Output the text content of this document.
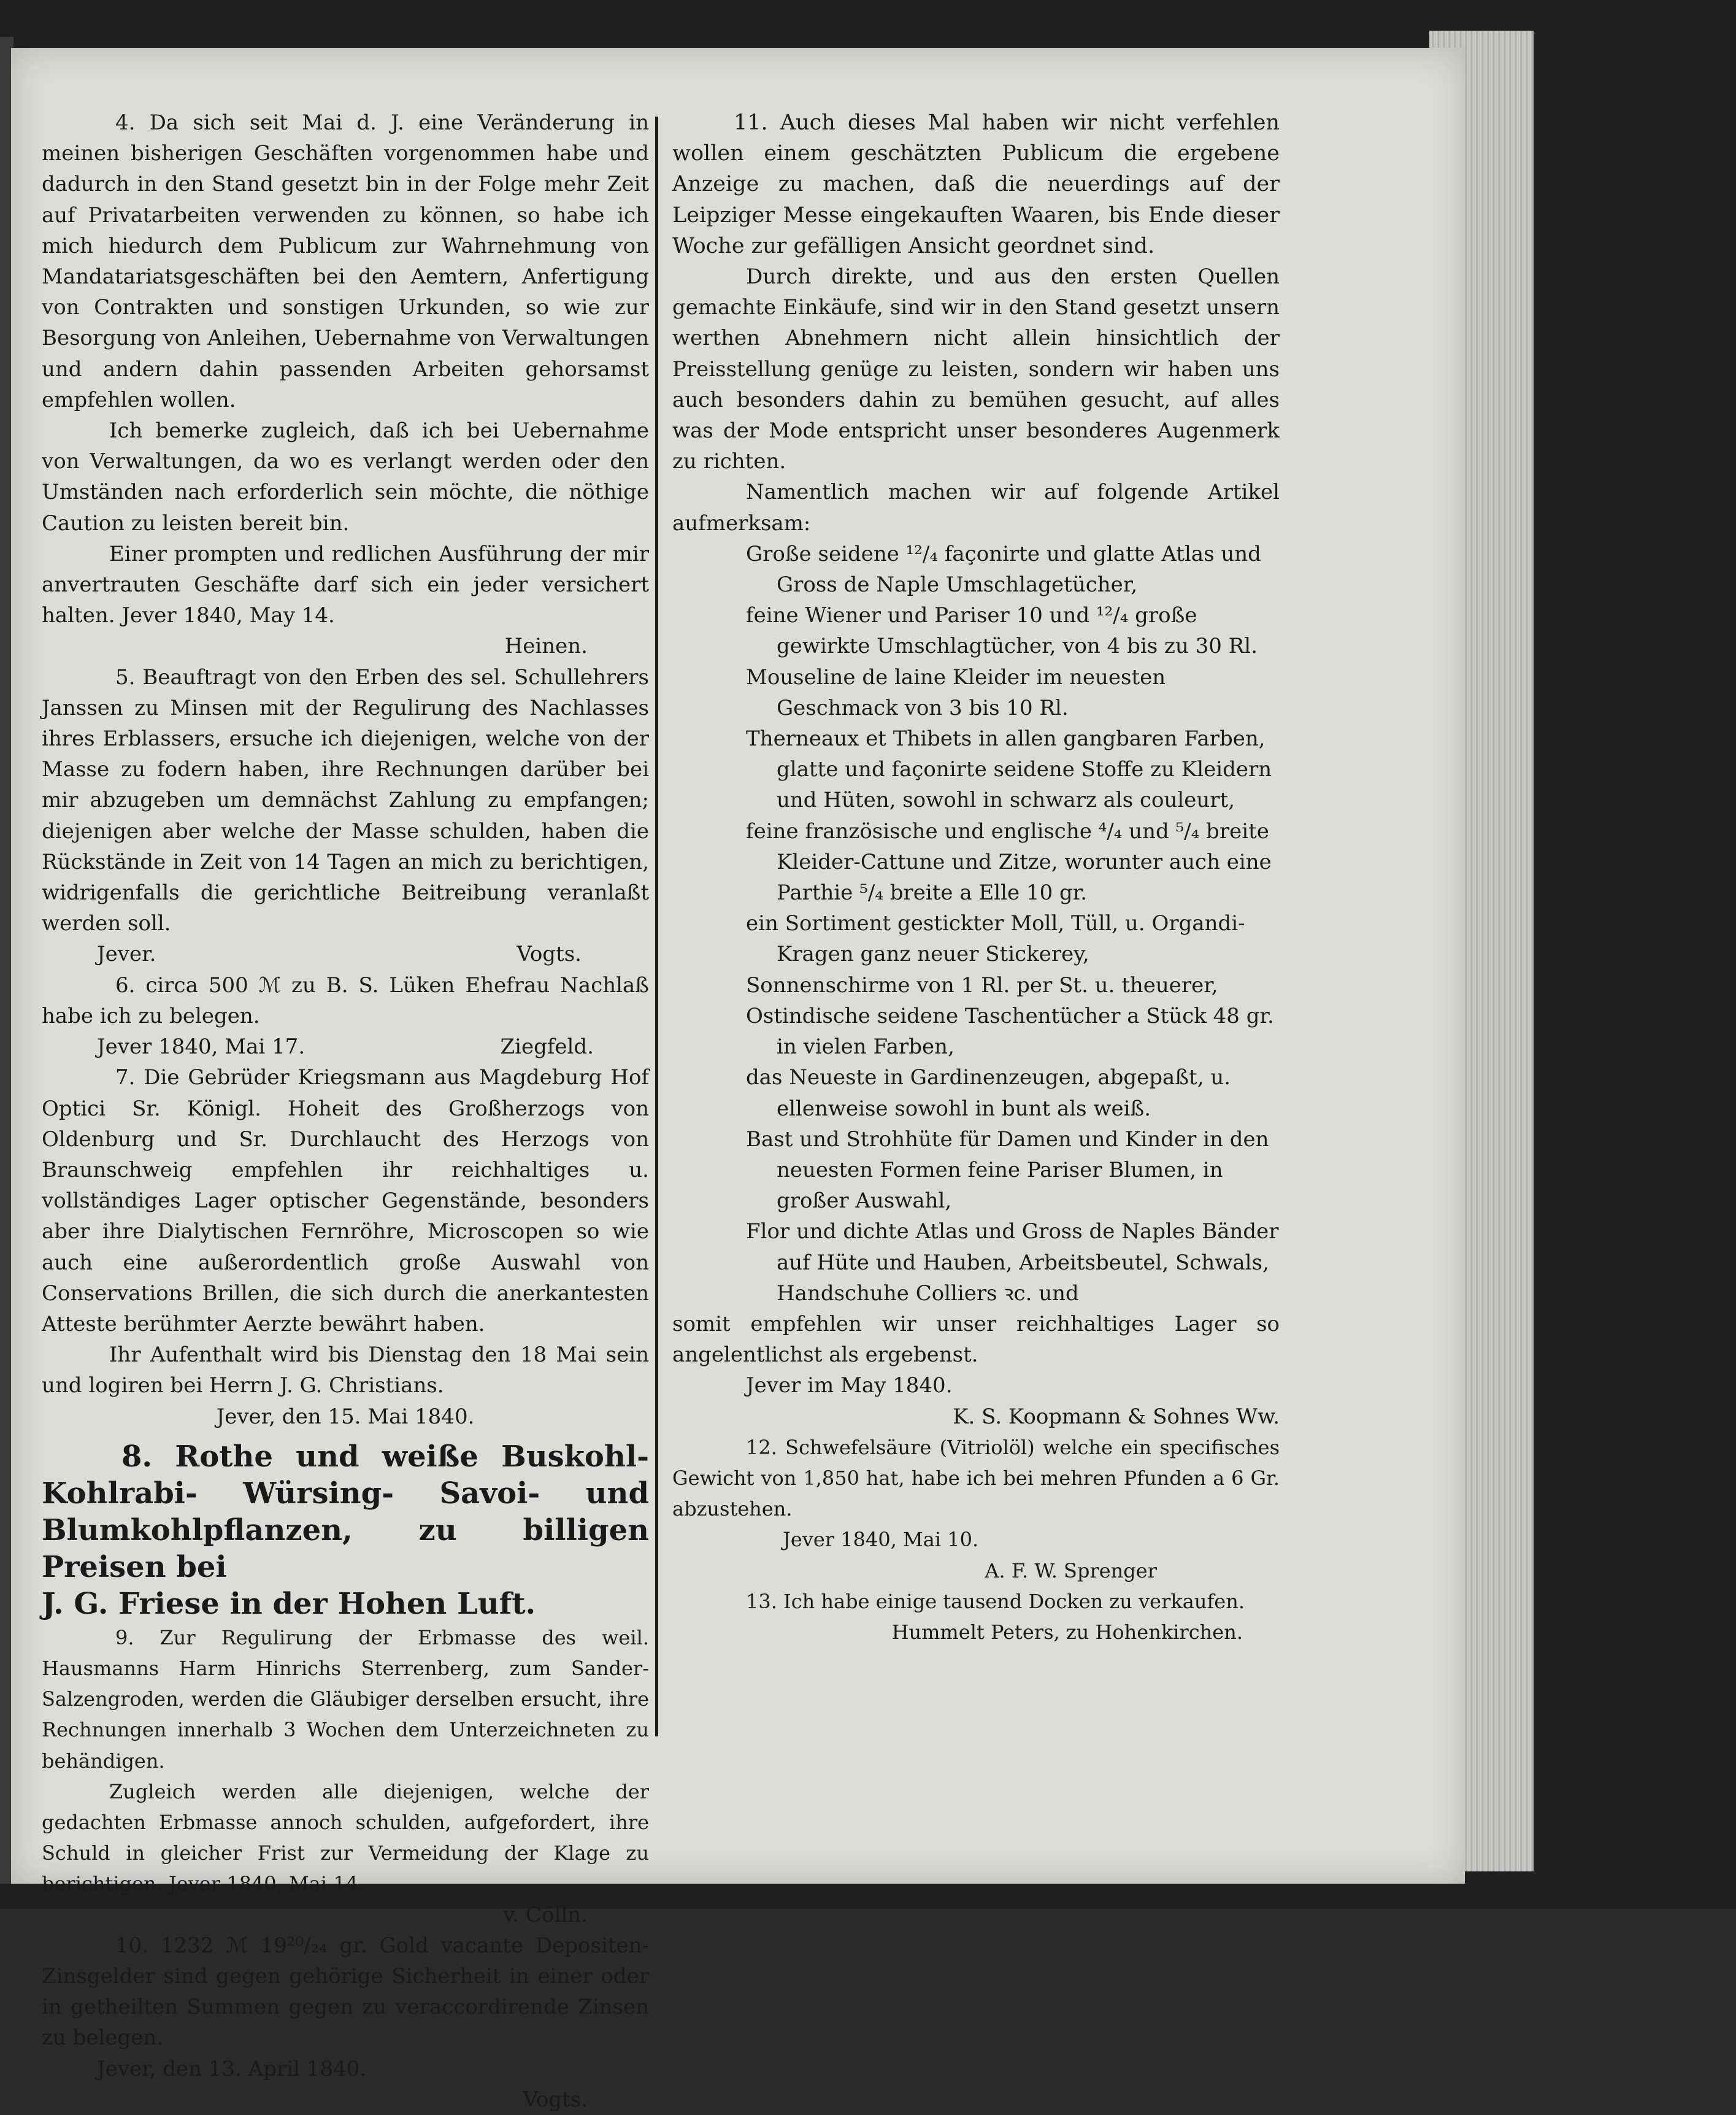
4. Da sich seit Mai d. J. eine Veränderung in meinen bisherigen Geschäften vorgenommen habe und dadurch in den Stand gesetzt bin in der Folge mehr Zeit auf Privatarbeiten verwenden zu können, so habe ich mich hiedurch dem Publicum zur Wahrnehmung von Mandatariatsgeschäften bei den Aemtern, Anfertigung von Contrakten und sonstigen Urkunden, so wie zur Besorgung von Anleihen, Uebernahme von Verwaltungen und andern dahin passenden Arbeiten gehorsamst empfehlen wollen.

Ich bemerke zugleich, daß ich bei Uebernahme von Verwaltungen, da wo es verlangt werden oder den Umständen nach erforderlich sein möchte, die nöthige Caution zu leisten bereit bin.

Einer prompten und redlichen Ausführung der mir anvertrauten Geschäfte darf sich ein jeder versichert halten. Jever 1840, May 14.

Heinen.

5. Beauftragt von den Erben des sel. Schullehrers Janssen zu Minsen mit der Regulirung des Nachlasses ihres Erblassers, ersuche ich diejenigen, welche von der Masse zu fodern haben, ihre Rechnungen darüber bei mir abzugeben um demnächst Zahlung zu empfangen; diejenigen aber welche der Masse schulden, haben die Rückstände in Zeit von 14 Tagen an mich zu berichtigen, widrigenfalls die gerichtliche Beitreibung veranlaßt werden soll.

Jever.	Vogts.

6. circa 500 ℳ zu B. S. Lüken Ehefrau Nachlaß habe ich zu belegen.

Jever 1840, Mai 17.	Ziegfeld.

7. Die Gebrüder Kriegsmann aus Magdeburg Hof Optici Sr. Königl. Hoheit des Großherzogs von Oldenburg und Sr. Durchlaucht des Herzogs von Braunschweig empfehlen ihr reichhaltiges u. vollständiges Lager optischer Gegenstände, besonders aber ihre Dialytischen Fernröhre, Microscopen so wie auch eine außerordentlich große Auswahl von Conservations Brillen, die sich durch die anerkantesten Atteste berühmter Aerzte bewährt haben.

Ihr Aufenthalt wird bis Dienstag den 18 Mai sein und logiren bei Herrn J. G. Christians.

Jever, den 15. Mai 1840.

8. Rothe und weiße Buskohl-Kohlrabi- Würsing- Savoi- und Blumkohlpflanzen, zu billigen Preisen bei

J. G. Friese in der Hohen Luft.

9. Zur Regulirung der Erbmasse des weil. Hausmanns Harm Hinrichs Sterrenberg, zum Sander-Salzengroden, werden die Gläubiger derselben ersucht, ihre Rechnungen innerhalb 3 Wochen dem Unterzeichneten zu behändigen.

Zugleich werden alle diejenigen, welche der gedachten Erbmasse annoch schulden, aufgefordert, ihre Schuld in gleicher Frist zur Vermeidung der Klage zu berichtigen. Jever 1840, Mai 14.

v. Cölln.

10. 1232 ℳ 19²⁰/₂₄ gr. Gold vacante Depositen-Zinsgelder sind gegen gehörige Sicherheit in einer oder in getheilten Summen gegen zu veraccordirende Zinsen zu belegen.

Jever, den 13. April 1840.

Vogts.

11. Auch dieses Mal haben wir nicht verfehlen wollen einem geschätzten Publicum die ergebene Anzeige zu machen, daß die neuerdings auf der Leipziger Messe eingekauften Waaren, bis Ende dieser Woche zur gefälligen Ansicht geordnet sind.

Durch direkte, und aus den ersten Quellen gemachte Einkäufe, sind wir in den Stand gesetzt unsern werthen Abnehmern nicht allein hinsichtlich der Preisstellung genüge zu leisten, sondern wir haben uns auch besonders dahin zu bemühen gesucht, auf alles was der Mode entspricht unser besonderes Augenmerk zu richten.

Namentlich machen wir auf folgende Artikel aufmerksam:

Große seidene ¹²/₄ façonirte und glatte Atlas und Gross de Naple Umschlagetücher,

feine Wiener und Pariser 10 und ¹²/₄ große gewirkte Umschlagtücher, von 4 bis zu 30 Rl.

Mouseline de laine Kleider im neuesten Geschmack von 3 bis 10 Rl.

Therneaux et Thibets in allen gangbaren Farben, glatte und façonirte seidene Stoffe zu Kleidern und Hüten, sowohl in schwarz als couleurt,

feine französische und englische ⁴/₄ und ⁵/₄ breite Kleider-Cattune und Zitze, worunter auch eine Parthie ⁵/₄ breite a Elle 10 gr.

ein Sortiment gestickter Moll, Tüll, u. Organdi-Kragen ganz neuer Stickerey,

Sonnenschirme von 1 Rl. per St. u. theuerer,

Ostindische seidene Taschentücher a Stück 48 gr. in vielen Farben,

das Neueste in Gardinenzeugen, abgepaßt, u. ellenweise sowohl in bunt als weiß.

Bast und Strohhüte für Damen und Kinder in den neuesten Formen feine Pariser Blumen, in großer Auswahl,

Flor und dichte Atlas und Gross de Naples Bänder auf Hüte und Hauben, Arbeitsbeutel, Schwals, Handschuhe Colliers ꝛc. und

somit empfehlen wir unser reichhaltiges Lager so angelentlichst als ergebenst.

Jever im May 1840.

K. S. Koopmann & Sohnes Ww.

12. Schwefelsäure (Vitriolöl) welche ein specifisches Gewicht von 1,850 hat, habe ich bei mehren Pfunden a 6 Gr. abzustehen.

Jever 1840, Mai 10.

A. F. W. Sprenger

13. Ich habe einige tausend Docken zu verkaufen.

Hummelt Peters, zu Hohenkirchen.
